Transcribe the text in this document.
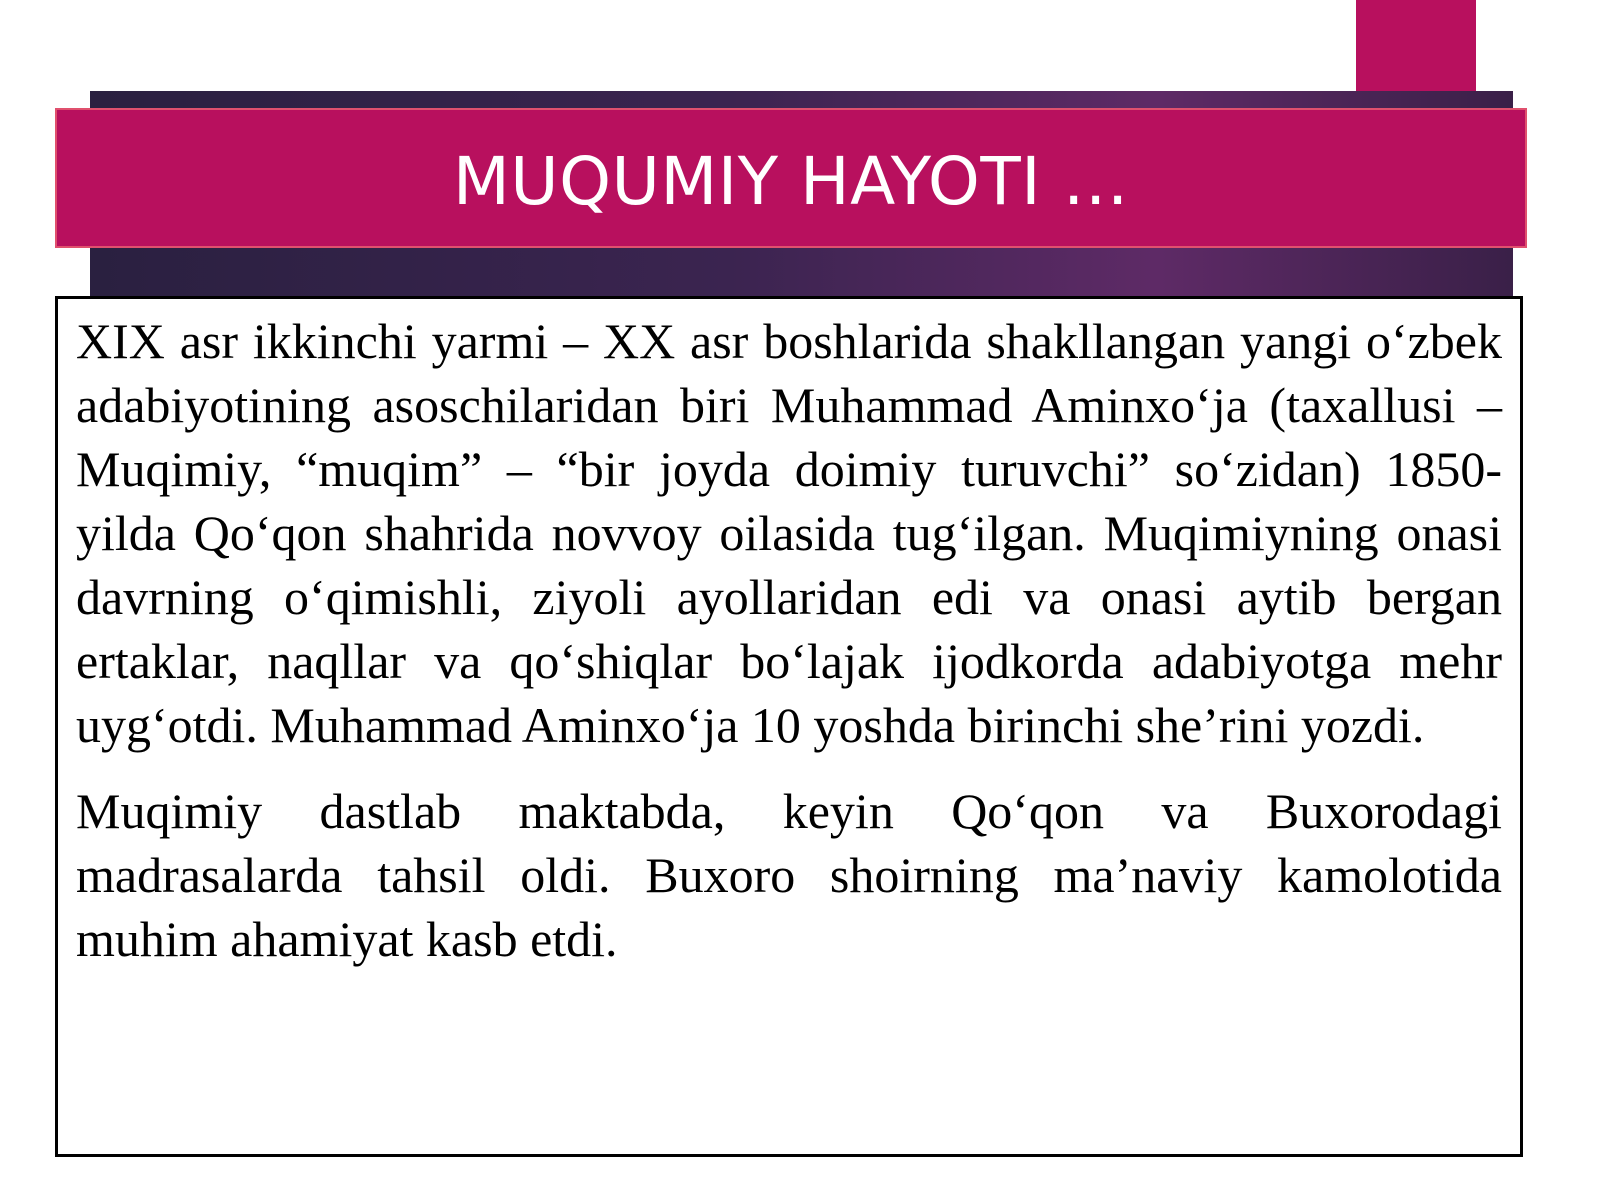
MUQUMIY HAYOTI …

XIX asr ikkinchi yarmi – XX asr boshlarida shakllangan yangi o‘zbek adabiyotining asoschilaridan biri Muhammad Aminxo‘ja (taxallusi – Muqimiy, “muqim” – “bir joyda doimiy turuvchi” so‘zidan) 1850-yilda Qo‘qon shahrida novvoy oilasida tug‘ilgan. Muqimiyning onasi davrning o‘qimishli, ziyoli ayollaridan edi va onasi aytib bergan ertaklar, naqllar va qo‘shiqlar bo‘lajak ijodkorda adabiyotga mehr uyg‘otdi. Muhammad Aminxo‘ja 10 yoshda birinchi she’rini yozdi.

Muqimiy dastlab maktabda, keyin Qo‘qon va Buxorodagi madrasalarda tahsil oldi. Buxoro shoirning ma’naviy kamolotida muhim ahamiyat kasb etdi.
